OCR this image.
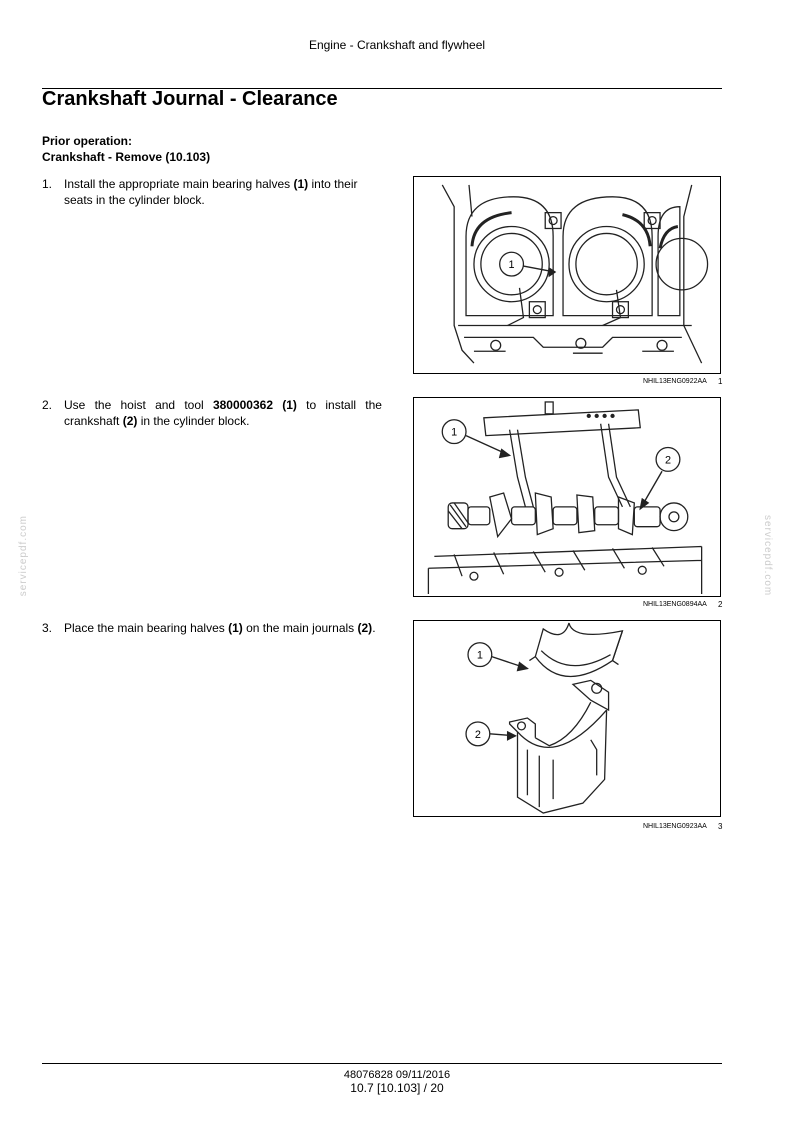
Engine - Crankshaft and flywheel
Crankshaft Journal - Clearance
Prior operation:
Crankshaft - Remove (10.103)
1. Install the appropriate main bearing halves (1) into their seats in the cylinder block.
1
NHIL13ENG0922AA 1
2. Use the hoist and tool 380000362 (1) to install the crankshaft (2) in the cylinder block.
1
2
NHIL13ENG0894AA 2
3. Place the main bearing halves (1) on the main journals (2).
1
2
NHIL13ENG0923AA 3
servicepdf.com	servicepdf.com
48076828 09/11/2016
10.7 [10.103] / 20
